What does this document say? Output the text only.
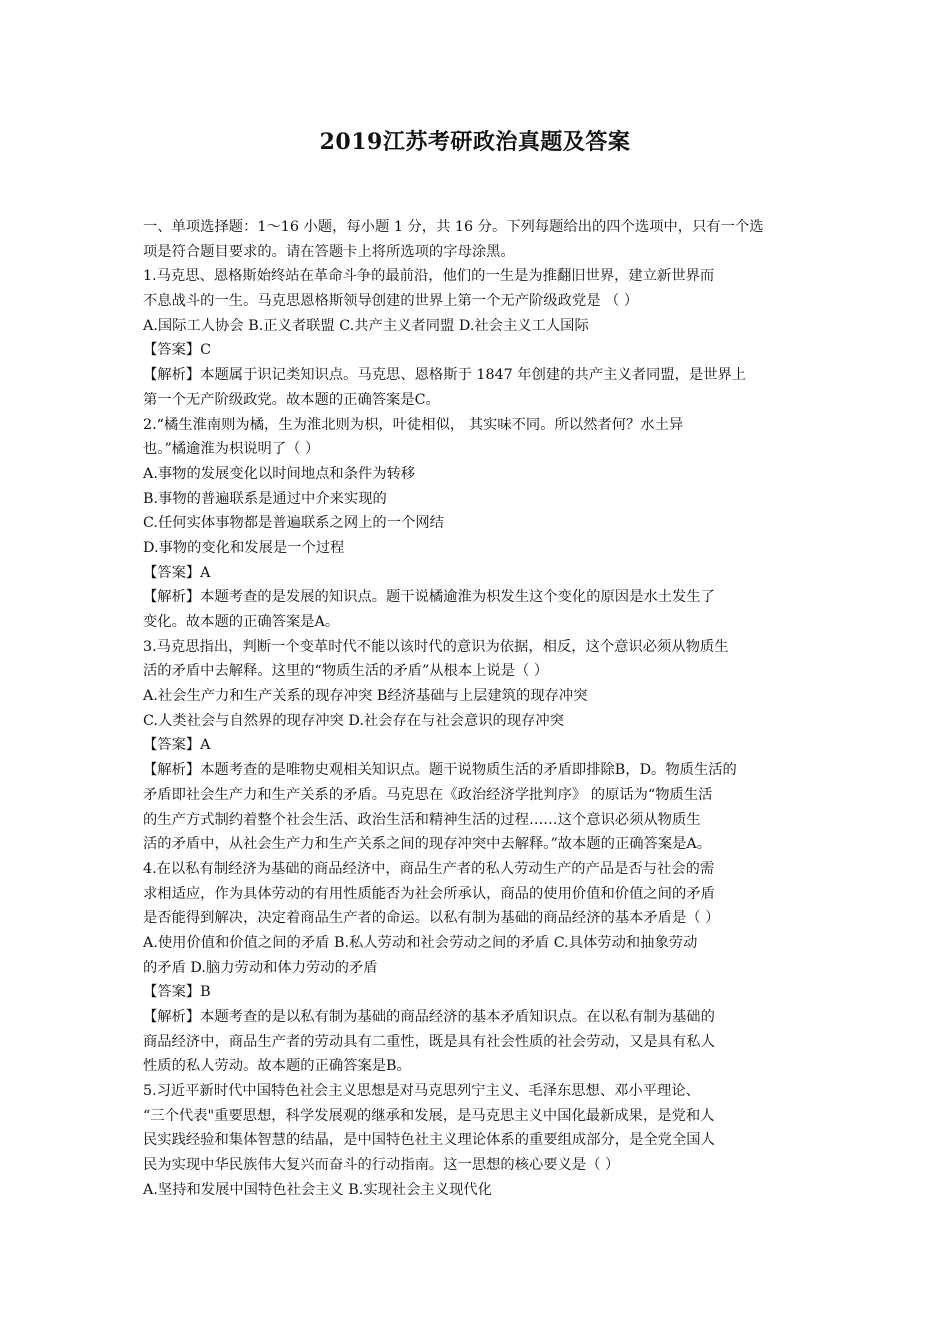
2019江苏考研政治真题及答案
一、单项选择题：1～16 小题，每小题 1 分，共 16 分。下列每题给出的四个选项中，只有一个选
项是符合题目要求的。请在答题卡上将所选项的字母涂黑。
1.马克思、恩格斯始终站在革命斗争的最前沿，他们的一生是为推翻旧世界，建立新世界而
不息战斗的一生。马克思恩格斯领导创建的世界上第一个无产阶级政党是 （ ）
A.国际工人协会 B.正义者联盟 C.共产主义者同盟 D.社会主义工人国际
【答案】C
【解析】本题属于识记类知识点。马克思、恩格斯于 1847 年创建的共产主义者同盟，是世界上
第一个无产阶级政党。故本题的正确答案是C。
2.“橘生淮南则为橘，生为淮北则为枳，叶徒相似， 其实味不同。所以然者何？水土异
也。”橘逾淮为枳说明了（ ）
A.事物的发展变化以时间地点和条件为转移
B.事物的普遍联系是通过中介来实现的
C.任何实体事物都是普遍联系之网上的一个网结
D.事物的变化和发展是一个过程
【答案】A
【解析】本题考查的是发展的知识点。题干说橘逾淮为枳发生这个变化的原因是水土发生了
变化。故本题的正确答案是A。
3.马克思指出，判断一个变革时代不能以该时代的意识为依据，相反，这个意识必须从物质生
活的矛盾中去解释。这里的“物质生活的矛盾”从根本上说是（ ）
A.社会生产力和生产关系的现存冲突 B经济基础与上层建筑的现存冲突
C.人类社会与自然界的现存冲突 D.社会存在与社会意识的现存冲突
【答案】A
【解析】本题考查的是唯物史观相关知识点。题干说物质生活的矛盾即排除B，D。物质生活的
矛盾即社会生产力和生产关系的矛盾。马克思在《政治经济学批判序》 的原话为“物质生活
的生产方式制约着整个社会生活、政治生活和精神生活的过程……这个意识必须从物质生
活的矛盾中，从社会生产力和生产关系之间的现存冲突中去解释。”故本题的正确答案是A。
4.在以私有制经济为基础的商品经济中，商品生产者的私人劳动生产的产品是否与社会的需
求相适应，作为具体劳动的有用性质能否为社会所承认，商品的使用价值和价值之间的矛盾
是否能得到解决，决定着商品生产者的命运。以私有制为基础的商品经济的基本矛盾是（ ）
A.使用价值和价值之间的矛盾 B.私人劳动和社会劳动之间的矛盾 C.具体劳动和抽象劳动
的矛盾 D.脑力劳动和体力劳动的矛盾
【答案】B
【解析】本题考查的是以私有制为基础的商品经济的基本矛盾知识点。在以私有制为基础的
商品经济中，商品生产者的劳动具有二重性，既是具有社会性质的社会劳动，又是具有私人
性质的私人劳动。故本题的正确答案是B。
5.习近平新时代中国特色社会主义思想是对马克思列宁主义、毛泽东思想、邓小平理论、
“三个代表"重要思想，科学发展观的继承和发展，是马克思主义中国化最新成果，是党和人
民实践经验和集体智慧的结晶，是中国特色社主义理论体系的重要组成部分，是全党全国人
民为实现中华民族伟大复兴而奋斗的行动指南。这一思想的核心要义是（ ）
A.坚持和发展中国特色社会主义 B.实现社会主义现代化
